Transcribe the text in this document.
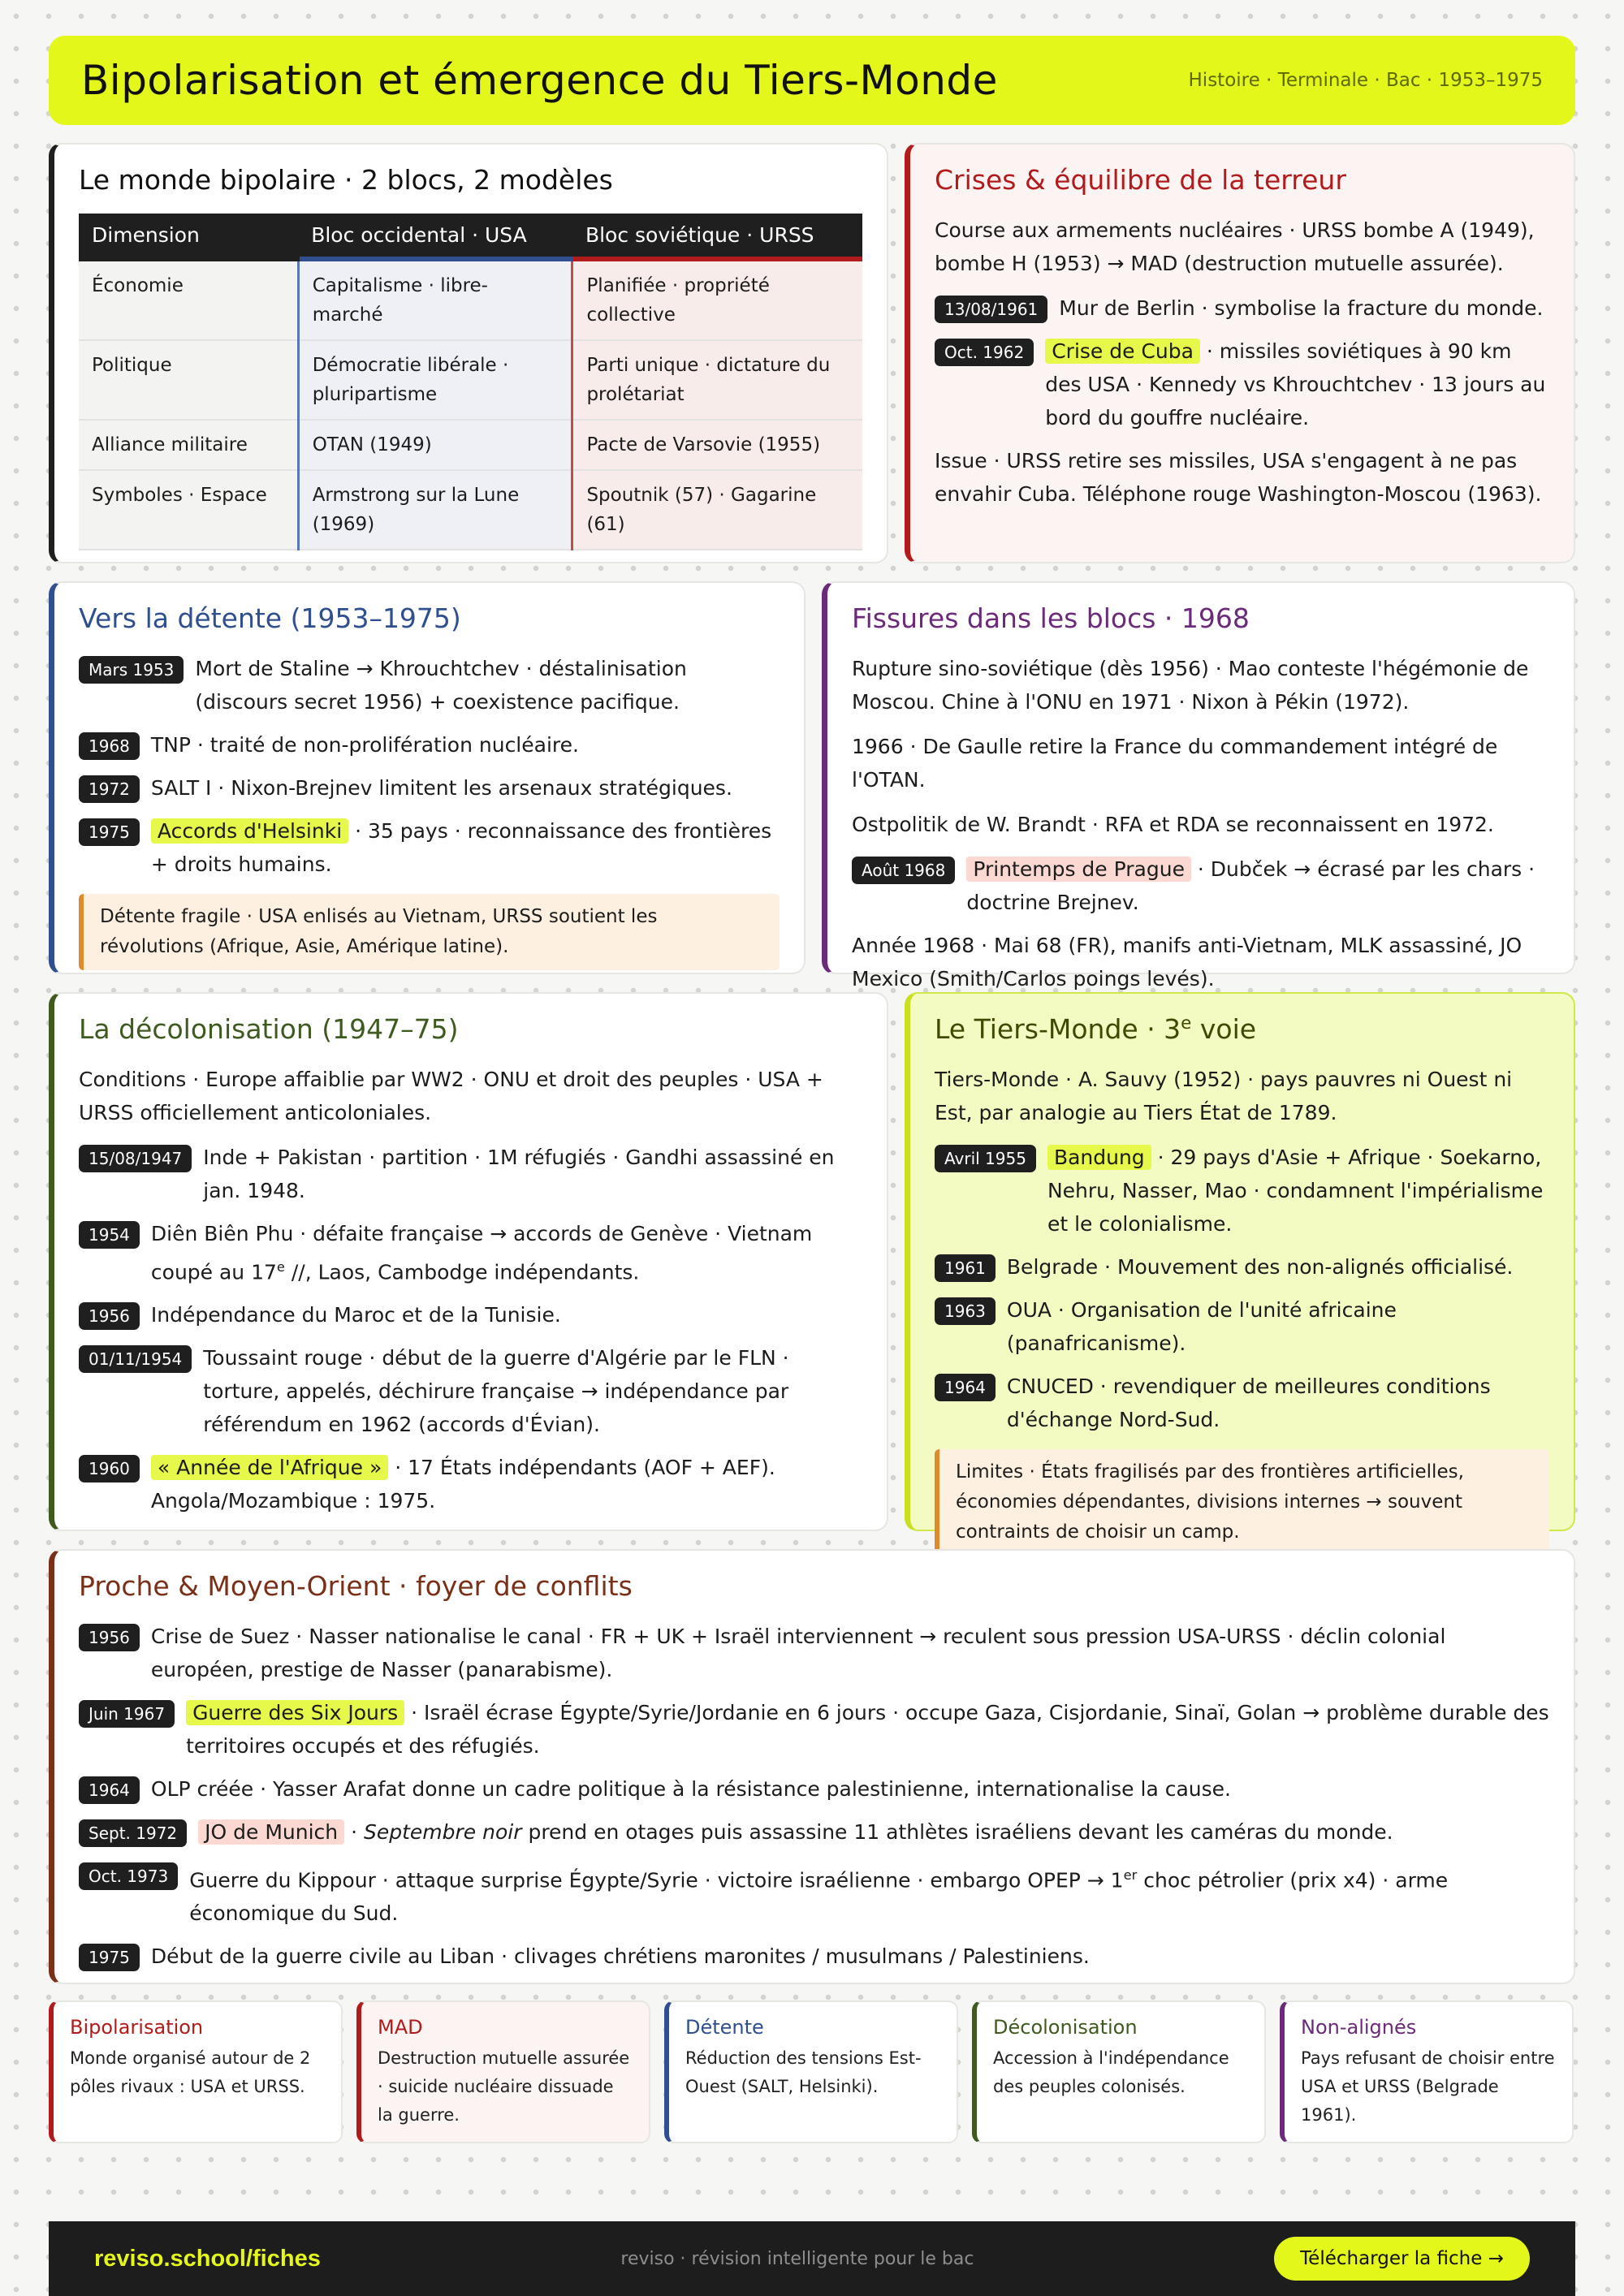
Bipolarisation et émergence du Tiers-Monde	Histoire · Terminale · Bac · 1953–1975
Le monde bipolaire · 2 blocs, 2 modèles
Dimension	Bloc occidental · USA	Bloc soviétique · URSS
Économie	Capitalisme · libre-marché	Planifiée · propriété collective
Politique	Démocratie libérale · pluripartisme	Parti unique · dictature du prolétariat
Alliance militaire	OTAN (1949)	Pacte de Varsovie (1955)
Symboles · Espace	Armstrong sur la Lune (1969)	Spoutnik (57) · Gagarine (61)
Crises & équilibre de la terreur

Course aux armements nucléaires · URSS bombe A (1949), bombe H (1953) → MAD (destruction mutuelle assurée).

13/08/1961	Mur de Berlin · symbolise la fracture du monde.
Oct. 1962	Crise de Cuba · missiles soviétiques à 90 km des USA · Kennedy vs Khrouchtchev · 13 jours au bord du gouffre nucléaire.

Issue · URSS retire ses missiles, USA s'engagent à ne pas envahir Cuba. Téléphone rouge Washington-Moscou (1963).

Vers la détente (1953–1975)
Mars 1953	Mort de Staline → Khrouchtchev · déstalinisation (discours secret 1956) + coexistence pacifique.
1968	TNP · traité de non-prolifération nucléaire.
1972	SALT I · Nixon-Brejnev limitent les arsenaux stratégiques.
1975	Accords d'Helsinki · 35 pays · reconnaissance des frontières + droits humains.
Détente fragile · USA enlisés au Vietnam, URSS soutient les révolutions (Afrique, Asie, Amérique latine).
Fissures dans les blocs · 1968

Rupture sino-soviétique (dès 1956) · Mao conteste l'hégémonie de Moscou. Chine à l'ONU en 1971 · Nixon à Pékin (1972).

1966 · De Gaulle retire la France du commandement intégré de l'OTAN.

Ostpolitik de W. Brandt · RFA et RDA se reconnaissent en 1972.

Août 1968	Printemps de Prague · Dubček → écrasé par les chars · doctrine Brejnev.

Année 1968 · Mai 68 (FR), manifs anti-Vietnam, MLK assassiné, JO Mexico (Smith/Carlos poings levés).

La décolonisation (1947–75)

Conditions · Europe affaiblie par WW2 · ONU et droit des peuples · USA + URSS officiellement anticoloniales.

15/08/1947	Inde + Pakistan · partition · 1M réfugiés · Gandhi assassiné en jan. 1948.
1954	Diên Biên Phu · défaite française → accords de Genève · Vietnam coupé au 17e //, Laos, Cambodge indépendants.
1956	Indépendance du Maroc et de la Tunisie.
01/11/1954	Toussaint rouge · début de la guerre d'Algérie par le FLN · torture, appelés, déchirure française → indépendance par référendum en 1962 (accords d'Évian).
1960	« Année de l'Afrique » · 17 États indépendants (AOF + AEF). Angola/Mozambique : 1975.
Le Tiers-Monde · $3^e$ voie

Tiers-Monde · A. Sauvy (1952) · pays pauvres ni Ouest ni Est, par analogie au Tiers État de 1789.

Avril 1955	Bandung · 29 pays d'Asie + Afrique · Soekarno, Nehru, Nasser, Mao · condamnent l'impérialisme et le colonialisme.
1961	Belgrade · Mouvement des non-alignés officialisé.
1963	OUA · Organisation de l'unité africaine (panafricanisme).
1964	CNUCED · revendiquer de meilleures conditions d'échange Nord-Sud.
Limites · États fragilisés par des frontières artificielles, économies dépendantes, divisions internes → souvent contraints de choisir un camp.
Proche & Moyen-Orient · foyer de conflits
1956	Crise de Suez · Nasser nationalise le canal · FR + UK + Israël interviennent → reculent sous pression USA-URSS · déclin colonial européen, prestige de Nasser (panarabisme).
Juin 1967	Guerre des Six Jours · Israël écrase Égypte/Syrie/Jordanie en 6 jours · occupe Gaza, Cisjordanie, Sinaï, Golan → problème durable des territoires occupés et des réfugiés.
1964	OLP créée · Yasser Arafat donne un cadre politique à la résistance palestinienne, internationalise la cause.
Sept. 1972	JO de Munich · Septembre noir prend en otages puis assassine 11 athlètes israéliens devant les caméras du monde.
Oct. 1973	Guerre du Kippour · attaque surprise Égypte/Syrie · victoire israélienne · embargo OPEP → 1er choc pétrolier (prix x4) · arme économique du Sud.
1975	Début de la guerre civile au Liban · clivages chrétiens maronites / musulmans / Palestiniens.
Bipolarisation
Monde organisé autour de 2 pôles rivaux : USA et URSS.
MAD
Destruction mutuelle assurée · suicide nucléaire dissuade la guerre.
Détente
Réduction des tensions Est-Ouest (SALT, Helsinki).
Décolonisation
Accession à l'indépendance des peuples colonisés.
Non-alignés
Pays refusant de choisir entre USA et URSS (Belgrade 1961).
reviso.school/fiches	reviso · révision intelligente pour le bac	Télécharger la fiche →
